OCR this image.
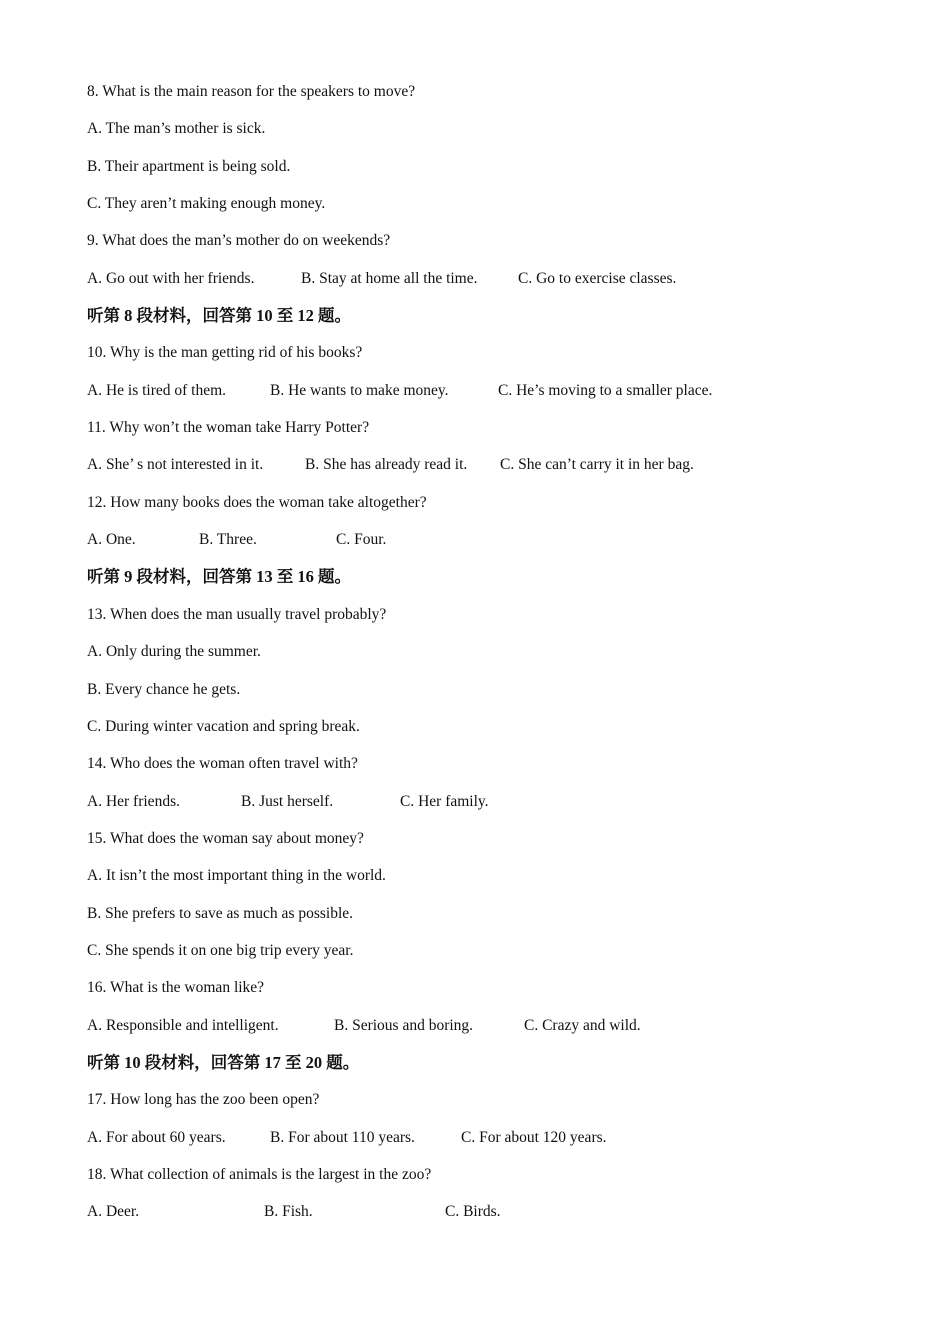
8. What is the main reason for the speakers to move?
A. The man’s mother is sick.
B. Their apartment is being sold.
C. They aren’t making enough money.
9. What does the man’s mother do on weekends?
A. Go out with her friends.	B. Stay at home all the time.	C. Go to exercise classes.
听第 8 段材料，回答第 10 至 12 题。
10. Why is the man getting rid of his books?
A. He is tired of them.	B. He wants to make money.	C. He’s moving to a smaller place.
11. Why won’t the woman take Harry Potter?
A. She’ s not interested in it.	B. She has already read it. C. She can’t carry it in her bag.
12. How many books does the woman take altogether?
A. One.	B. Three.	C. Four.
听第 9 段材料，回答第 13 至 16 题。
13. When does the man usually travel probably?
A. Only during the summer.
B. Every chance he gets.
C. During winter vacation and spring break.
14. Who does the woman often travel with?
A. Her friends.	B. Just herself.	C. Her family.
15. What does the woman say about money?
A. It isn’t the most important thing in the world.
B. She prefers to save as much as possible.
C. She spends it on one big trip every year.
16. What is the woman like?
A. Responsible and intelligent.	B. Serious and boring.	C. Crazy and wild.
听第 10 段材料，回答第 17 至 20 题。
17. How long has the zoo been open?
A. For about 60 years.	B. For about 110 years.	C. For about 120 years.
18. What collection of animals is the largest in the zoo?
A. Deer.	B. Fish.	C. Birds.
